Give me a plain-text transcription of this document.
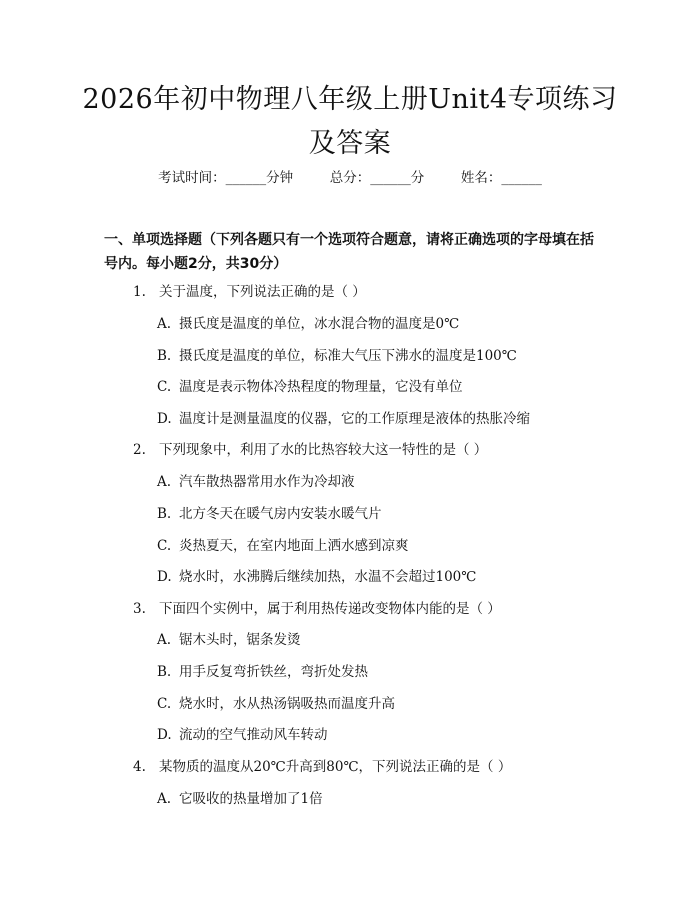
2026年初中物理八年级上册Unit4专项练习
及答案
考试时间：______分钟	总分：______分	姓名：______
一、单项选择题（下列各题只有一个选项符合题意，请将正确选项的字母填在括号内。每小题2分，共30分）
1. 关于温度，下列说法正确的是（ ）
A. 摄氏度是温度的单位，冰水混合物的温度是0℃
B. 摄氏度是温度的单位，标准大气压下沸水的温度是100℃
C. 温度是表示物体冷热程度的物理量，它没有单位
D. 温度计是测量温度的仪器，它的工作原理是液体的热胀冷缩
2. 下列现象中，利用了水的比热容较大这一特性的是（ ）
A. 汽车散热器常用水作为冷却液
B. 北方冬天在暖气房内安装水暖气片
C. 炎热夏天，在室内地面上洒水感到凉爽
D. 烧水时，水沸腾后继续加热，水温不会超过100℃
3. 下面四个实例中，属于利用热传递改变物体内能的是（ ）
A. 锯木头时，锯条发烫
B. 用手反复弯折铁丝，弯折处发热
C. 烧水时，水从热汤锅吸热而温度升高
D. 流动的空气推动风车转动
4. 某物质的温度从20℃升高到80℃，下列说法正确的是（ ）
A. 它吸收的热量增加了1倍
